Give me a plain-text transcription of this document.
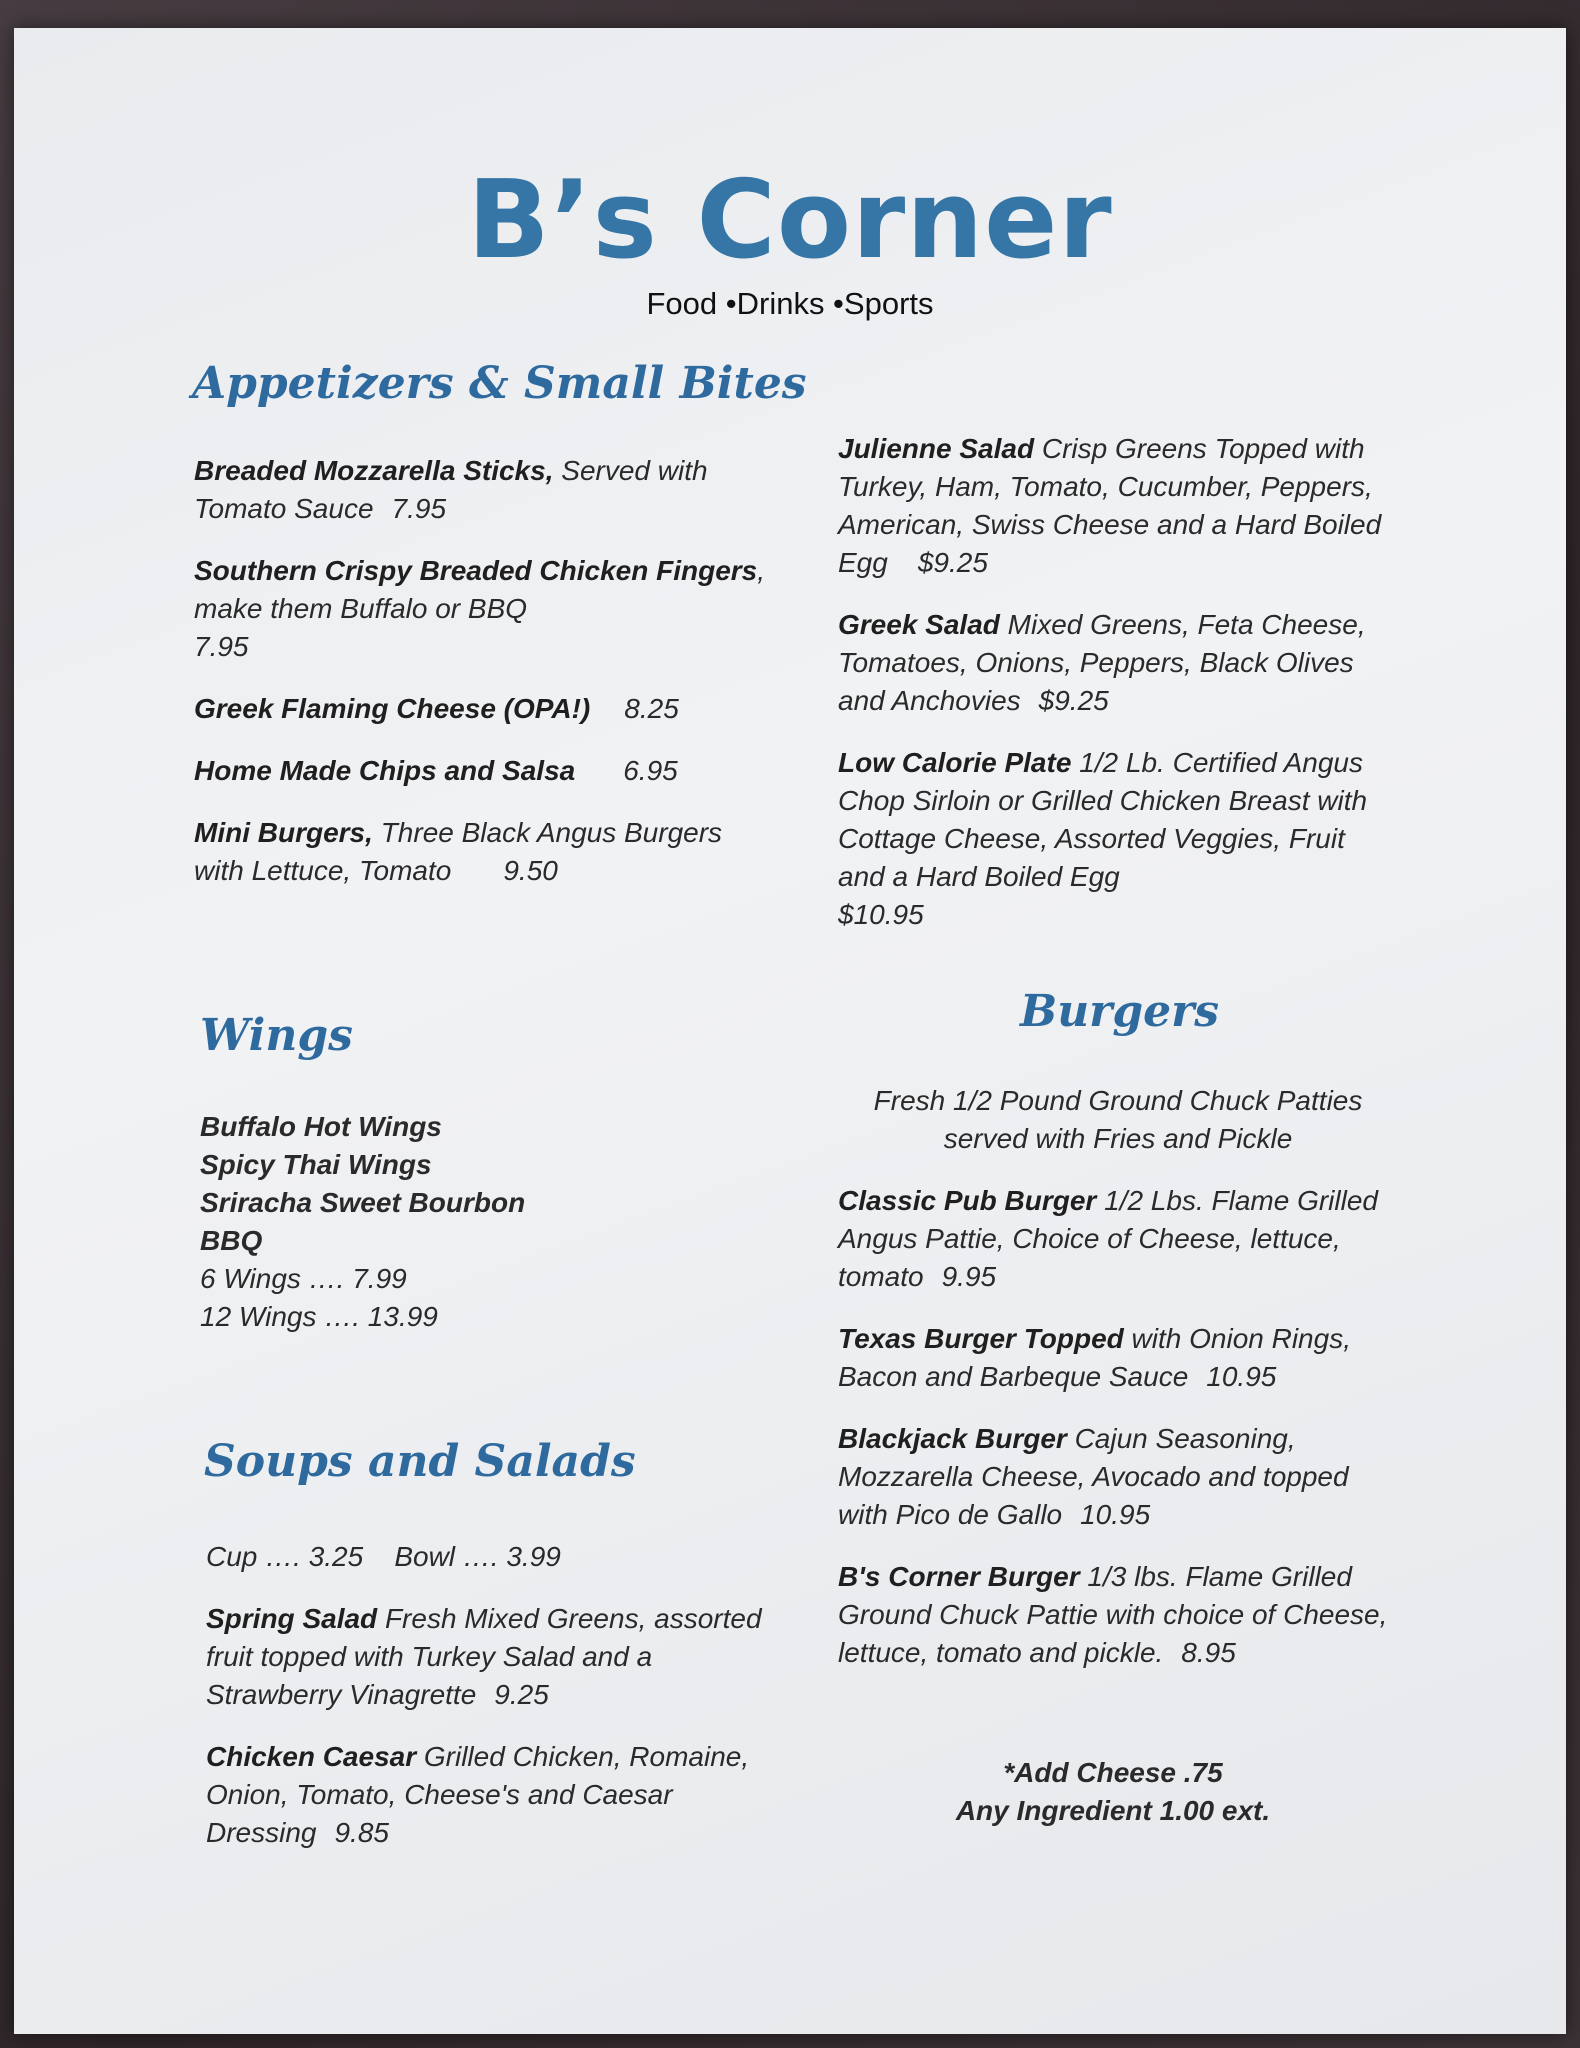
B’s Corner
Food •Drinks •Sports
Appetizers & Small Bites

Breaded Mozzarella Sticks, Served with Tomato Sauce 7.95

Southern Crispy Breaded Chicken Fingers, make them Buffalo or BBQ
7.95

Greek Flaming Cheese (OPA!) 8.25

Home Made Chips and Salsa 6.95

Mini Burgers, Three Black Angus Burgers with Lettuce, Tomato 9.50

Wings
Buffalo Hot Wings
Spicy Thai Wings
Sriracha Sweet Bourbon BBQ
6 Wings …. 7.99
12 Wings …. 13.99
Soups and Salads

Cup …. 3.25    Bowl …. 3.99

Spring Salad Fresh Mixed Greens, assorted fruit topped with Turkey Salad and a Strawberry Vinagrette 9.25

Chicken Caesar Grilled Chicken, Romaine, Onion, Tomato, Cheese's and Caesar Dressing 9.85

Julienne Salad Crisp Greens Topped with Turkey, Ham, Tomato, Cucumber, Peppers, American, Swiss Cheese and a Hard Boiled Egg $9.25

Greek Salad Mixed Greens, Feta Cheese, Tomatoes, Onions, Peppers, Black Olives and Anchovies $9.25

Low Calorie Plate 1/2 Lb. Certified Angus Chop Sirloin or Grilled Chicken Breast with Cottage Cheese, Assorted Veggies, Fruit and a Hard Boiled Egg
$10.95

Burgers

Fresh 1/2 Pound Ground Chuck Patties served with Fries and Pickle

Classic Pub Burger 1/2 Lbs. Flame Grilled Angus Pattie, Choice of Cheese, lettuce, tomato 9.95

Texas Burger Topped with Onion Rings, Bacon and Barbeque Sauce 10.95

Blackjack Burger Cajun Seasoning, Mozzarella Cheese, Avocado and topped with Pico de Gallo 10.95

B's Corner Burger 1/3 lbs. Flame Grilled Ground Chuck Pattie with choice of Cheese, lettuce, tomato and pickle. 8.95

*Add Cheese .75
Any Ingredient 1.00 ext.
